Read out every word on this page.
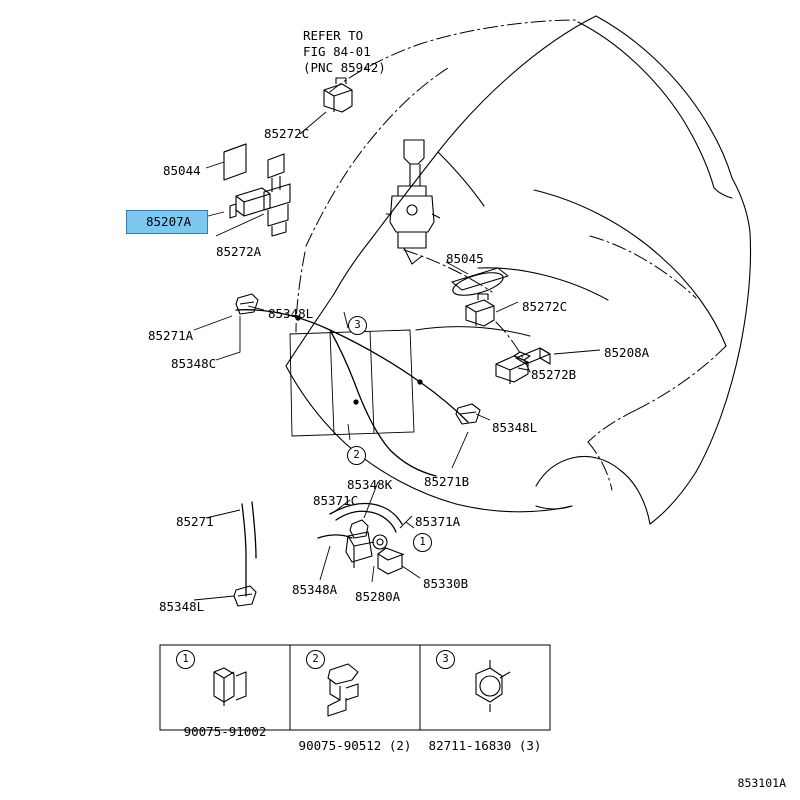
85207A
REFER TO
FIG 84-01
(PNC 85942)
85272C
85044
85272A	85045
85272C
85348L
85271A
85208A
85348C
85272B
85348L
85271B
85348K
85371C
85371A
85271
85330B
85348A 85280A
85348L
3
2
1
1	2	3
90075-91002
90075-90512 (2)	82711-16830 (3)
853101A
